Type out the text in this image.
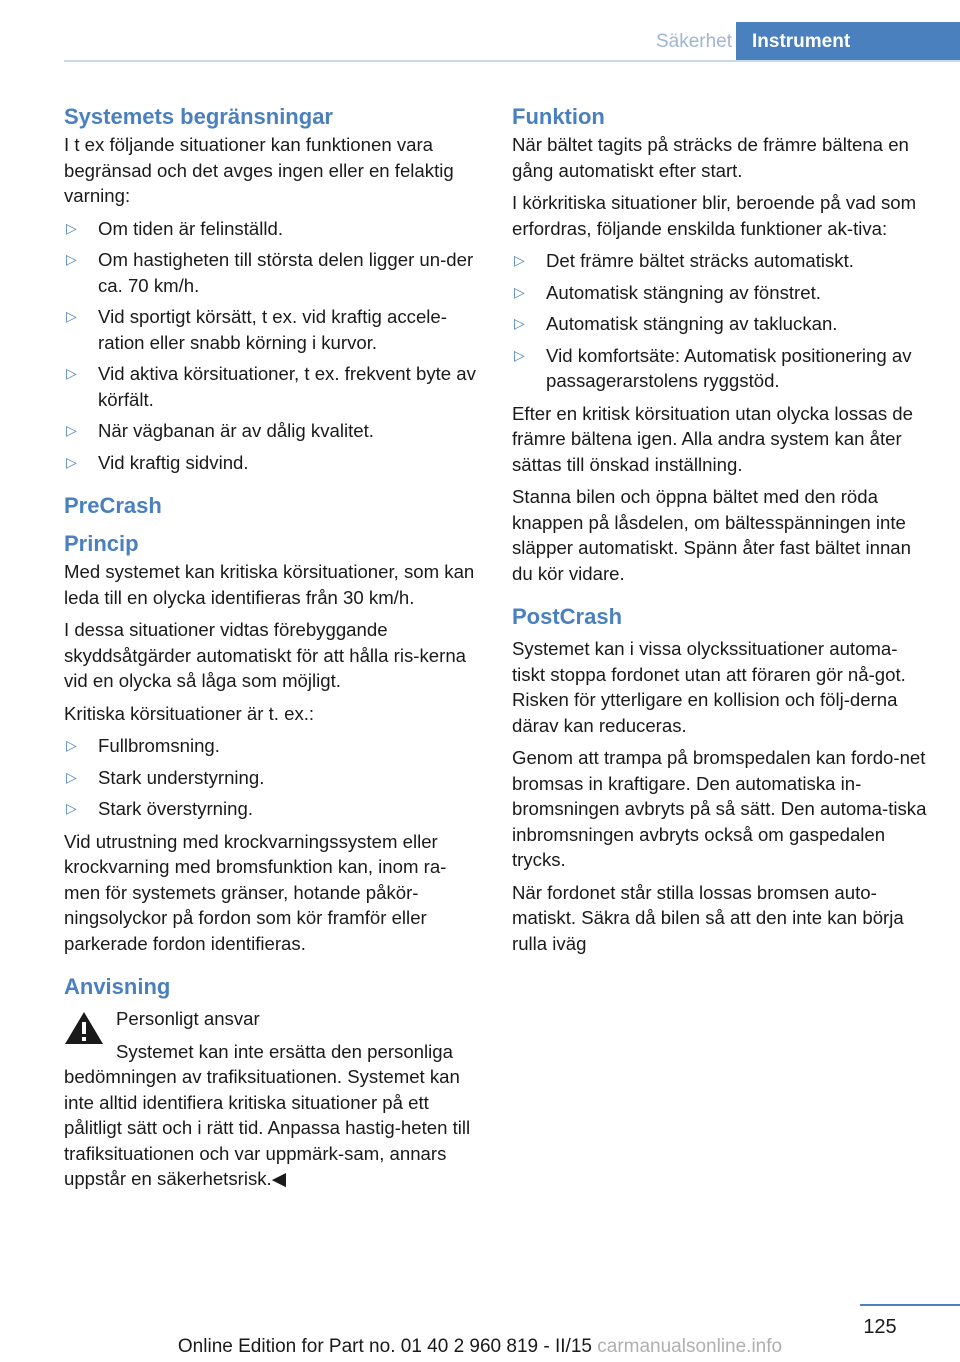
Säkerhet	Instrument
Systemets begränsningar

I t ex följande situationer kan funktionen vara begränsad och det avges ingen eller en felaktig varning:

▷ Om tiden är felinställd.
▷ Om hastigheten till största delen ligger un‐der ca. 70 km/h.
▷ Vid sportigt körsätt, t ex. vid kraftig accele‐ration eller snabb körning i kurvor.
▷ Vid aktiva körsituationer, t ex. frekvent byte av körfält.
▷ När vägbanan är av dålig kvalitet.
▷ Vid kraftig sidvind.
PreCrash
Princip

Med systemet kan kritiska körsituationer, som kan leda till en olycka identifieras från 30 km/h.

I dessa situationer vidtas förebyggande skyddsåtgärder automatiskt för att hålla ris‐kerna vid en olycka så låga som möjligt.

Kritiska körsituationer är t. ex.:

▷ Fullbromsning.
▷ Stark understyrning.
▷ Stark överstyrning.

Vid utrustning med krockvarningssystem eller krockvarning med bromsfunktion kan, inom ra‐men för systemets gränser, hotande påkör‐ningsolyckor på fordon som kör framför eller parkerade fordon identifieras.

Anvisning

Personligt ansvar

Systemet kan inte ersätta den personliga bedömningen av trafiksituationen. Systemet kan inte alltid identifiera kritiska situationer på ett pålitligt sätt och i rätt tid. Anpassa hastig‐heten till trafiksituationen och var uppmärk‐sam, annars uppstår en säkerhetsrisk.◀

Funktion

När bältet tagits på sträcks de främre bältena en gång automatiskt efter start.

I körkritiska situationer blir, beroende på vad som erfordras, följande enskilda funktioner ak‐tiva:

▷ Det främre bältet sträcks automatiskt.
▷ Automatisk stängning av fönstret.
▷ Automatisk stängning av takluckan.
▷ Vid komfortsäte: Automatisk positionering av passagerarstolens ryggstöd.

Efter en kritisk körsituation utan olycka lossas de främre bältena igen. Alla andra system kan åter sättas till önskad inställning.

Stanna bilen och öppna bältet med den röda knappen på låsdelen, om bältesspänningen inte släpper automatiskt. Spänn åter fast bältet innan du kör vidare.

PostCrash

Systemet kan i vissa olyckssituationer automa‐tiskt stoppa fordonet utan att föraren gör nå‐got. Risken för ytterligare en kollision och följ‐derna därav kan reduceras.

Genom att trampa på bromspedalen kan fordo‐net bromsas in kraftigare. Den automatiska in‐bromsningen avbryts på så sätt. Den automa‐tiska inbromsningen avbryts också om gaspedalen trycks.

När fordonet står stilla lossas bromsen auto‐matiskt. Säkra då bilen så att den inte kan börja rulla iväg

125
Online Edition for Part no. 01 40 2 960 819 - II/15 carmanualsonline.info
